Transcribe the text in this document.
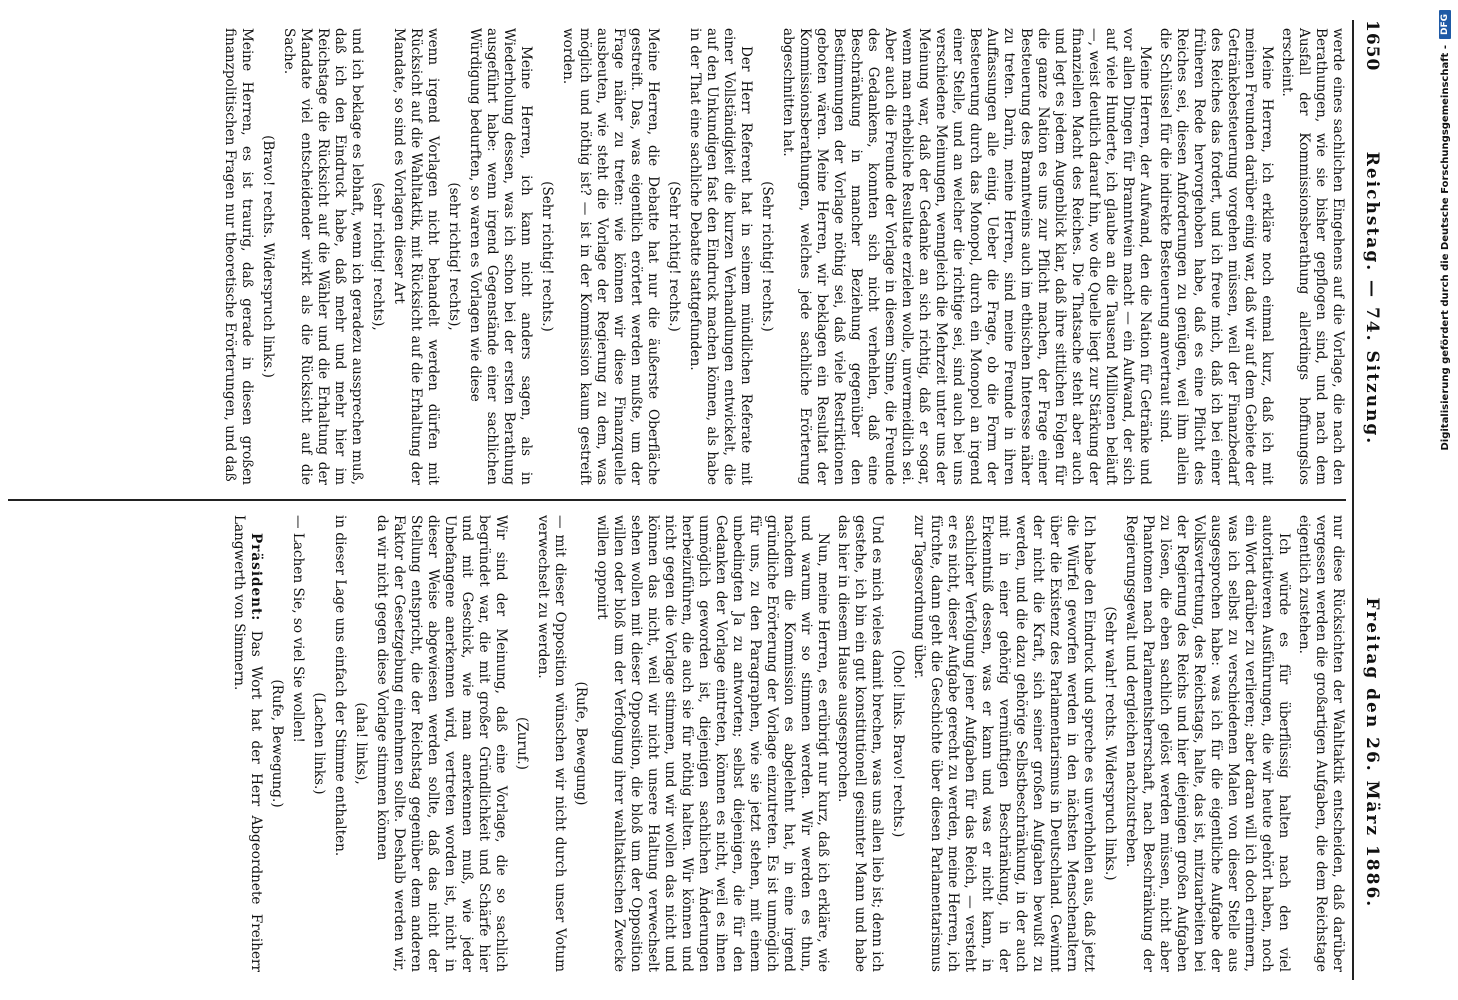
1650
Reichstag. — 74. Sitzung.
Freitag den 26. März 1886.

werde eines sachlichen Eingehens auf die Vorlage, die nach den Berathungen, wie sie bisher gepflogen sind, und nach dem Ausfall der Kommissionsberathung allerdings hoffnungslos erscheint.

Meine Herren, ich erkläre noch einmal kurz, daß ich mit meinen Freunden darüber einig war, daß wir auf dem Gebiete der Getränkebesteuerung vorgehen müssen, weil der Finanzbedarf des Reiches das fordert, und ich freue mich, daß ich bei einer früheren Rede hervorgehoben habe, daß es eine Pflicht des Reiches sei, diesen Anforderungen zu genügen, weil ihm allein die Schlüssel für die indirekte Besteuerung anvertraut sind.

Meine Herren, der Aufwand, den die Nation für Getränke und vor allen Dingen für Branntwein macht — ein Aufwand, der sich auf viele Hunderte, ich glaube an die Tausend Millionen beläuft —, weist deutlich darauf hin, wo die Quelle liegt zur Stärkung der finanziellen Macht des Reiches. Die Thatsache steht aber auch und legt es jedem Augenblick klar, daß ihre sittlichen Folgen für die ganze Nation es uns zur Pflicht machen, der Frage einer Besteuerung des Branntweins auch im ethischen Interesse näher zu treten. Darin, meine Herren, sind meine Freunde in ihren Auffassungen alle einig. Ueber die Frage, ob die Form der Besteuerung durch das Monopol, durch ein Monopol an irgend einer Stelle, und an welcher die richtige sei, sind auch bei uns verschiedene Meinungen, wenngleich die Mehrzeit unter uns der Meinung war, daß der Gedanke an sich richtig, daß er sogar, wenn man erhebliche Resultate erzielen wolle, unvermeidlich sei. Aber auch die Freunde der Vorlage in diesem Sinne, die Freunde des Gedankens, konnten sich nicht verhehlen, daß eine Beschränkung in mancher Beziehung gegenüber den Bestimmungen der Vorlage nöthig sei, daß viele Restriktionen geboten wären. Meine Herren, wir beklagen ein Resultat der Kommissionsberathungen, welches jede sachliche Erörterung abgeschnitten hat.

(Sehr richtig! rechts.)

Der Herr Referent hat in seinem mündlichen Referate mit einer Vollständigkeit die kurzen Verhandlungen entwickelt, die auf den Unkundigen fast den Eindruck machen können, als habe in der That eine sachliche Debatte stattgefunden.

(Sehr richtig! rechts.)

Meine Herren, die Debatte hat nur die äußerste Oberfläche gestreift. Das, was eigentlich erörtert werden mußte, um der Frage näher zu treten: wie können wir diese Finanzquelle ausbeuten, wie steht die Vorlage der Regierung zu dem, was möglich und nöthig ist? — ist in der Kommission kaum gestreift worden.

(Sehr richtig! rechts.)

Meine Herren, ich kann nicht anders sagen, als in Wiederholung dessen, was ich schon bei der ersten Berathung ausgeführt habe: wenn irgend Gegenstände einer sachlichen Würdigung bedurften, so waren es Vorlagen wie diese

(sehr richtig! rechts),

wenn irgend Vorlagen nicht behandelt werden dürfen mit Rücksicht auf die Wahltaktik, mit Rücksicht auf die Erhaltung der Mandate, so sind es Vorlagen dieser Art

(sehr richtig! rechts),

und ich beklage es lebhaft, wenn ich geradezu aussprechen muß, daß ich den Eindruck habe, daß mehr und mehr hier im Reichstage die Rücksicht auf die Wähler und die Erhaltung der Mandate viel entscheidender wirkt als die Rücksicht auf die Sache.

(Bravo! rechts. Widerspruch links.)

Meine Herren, es ist traurig, daß gerade in diesen großen finanzpolitischen Fragen nur theoretische Erörterungen, und daß

nur diese Rücksichten der Wahltaktik entscheiden, daß darüber vergessen werden die großartigen Aufgaben, die dem Reichstage eigentlich zustehen.

Ich würde es für überflüssig halten nach den viel autoritativeren Ausführungen, die wir heute gehört haben, noch ein Wort darüber zu verlieren; aber daran will ich doch erinnern, was ich selbst zu verschiedenen Malen von dieser Stelle aus ausgesprochen habe: was ich für die eigentliche Aufgabe der Volksvertretung, des Reichstags, halte, das ist, mitzuarbeiten bei der Regierung des Reichs und hier diejenigen großen Aufgaben zu lösen, die eben sachlich gelöst werden müssen, nicht aber Phantomen nach Parlamentsherrschaft, nach Beschränkung der Regierungsgewalt und dergleichen nachzustreben.

(Sehr wahr! rechts. Widerspruch links.)

Ich habe den Eindruck und spreche es unverhohlen aus, daß jetzt die Würfel geworfen werden in den nächsten Menschenaltern über die Existenz des Parlamentarismus in Deutschland. Gewinnt der nicht die Kraft, sich seiner großen Aufgaben bewußt zu werden, und die dazu gehörige Selbstbeschränkung, in der auch mit in einer gehörig vernünftigen Beschränkung, in der Erkenntniß dessen, was er kann und was er nicht kann, in sachlicher Verfolgung jener Aufgaben für das Reich, — versteht er es nicht, dieser Aufgabe gerecht zu werden, meine Herren, ich fürchte, dann geht die Geschichte über diesen Parlamentarismus zur Tagesordnung über.

(Oho! links. Bravo! rechts.)

Und es mich vieles damit brechen, was uns allen lieb ist; denn ich gestehe, ich bin ein gut konstitutionell gesinnter Mann und habe das hier in diesem Hause ausgesprochen.

Nun, meine Herren, es erübrigt nur kurz, daß ich erkläre, wie und warum wir so stimmen werden. Wir werden es thun, nachdem die Kommission es abgelehnt hat, in eine irgend gründliche Erörterung der Vorlage einzutreten. Es ist unmöglich für uns, zu den Paragraphen, wie sie jetzt stehen, mit einem unbedingten Ja zu antworten; selbst diejenigen, die für den Gedanken der Vorlage eintreten, können es nicht, weil es ihnen unmöglich geworden ist, diejenigen sachlichen Änderungen herbeizuführen, die auch sie für nöthig halten. Wir können und nicht gegen die Vorlage stimmen, und wir wollen das nicht und können das nicht, weil wir nicht unsere Haltung verwechselt sehen wollen mit dieser Opposition, die bloß um der Opposition willen oder bloß um der Verfolgung ihrer wahltaktischen Zwecke willen opponirt

(Rufe, Bewegung)

— mit dieser Opposition wünschen wir nicht durch unser Votum verwechselt zu werden.

(Zuruf.)

Wir sind der Meinung, daß eine Vorlage, die so sachlich begründet war, die mit großer Gründlichkeit und Schärfe hier und mit Geschick, wie man anerkennen muß, wie jeder Unbefangene anerkennen wird, vertreten worden ist, nicht in dieser Weise abgewiesen werden sollte, daß das nicht der Stellung entspricht, die der Reichstag gegenüber dem anderen Faktor der Gesetzgebung einnehmen sollte. Deshalb werden wir, da wir nicht gegen diese Vorlage stimmen können

(aha! links),

in dieser Lage uns einfach der Stimme enthalten.

(Lachen links.)

— Lachen Sie, so viel Sie wollen!

(Rufe, Bewegung.)

Präsident: Das Wort hat der Herr Abgeordnete Freiherr Langwerth von Simmern.

Digitalisierung gefördert durch die Deutsche Forschungsgemeinschaft -
DFG
